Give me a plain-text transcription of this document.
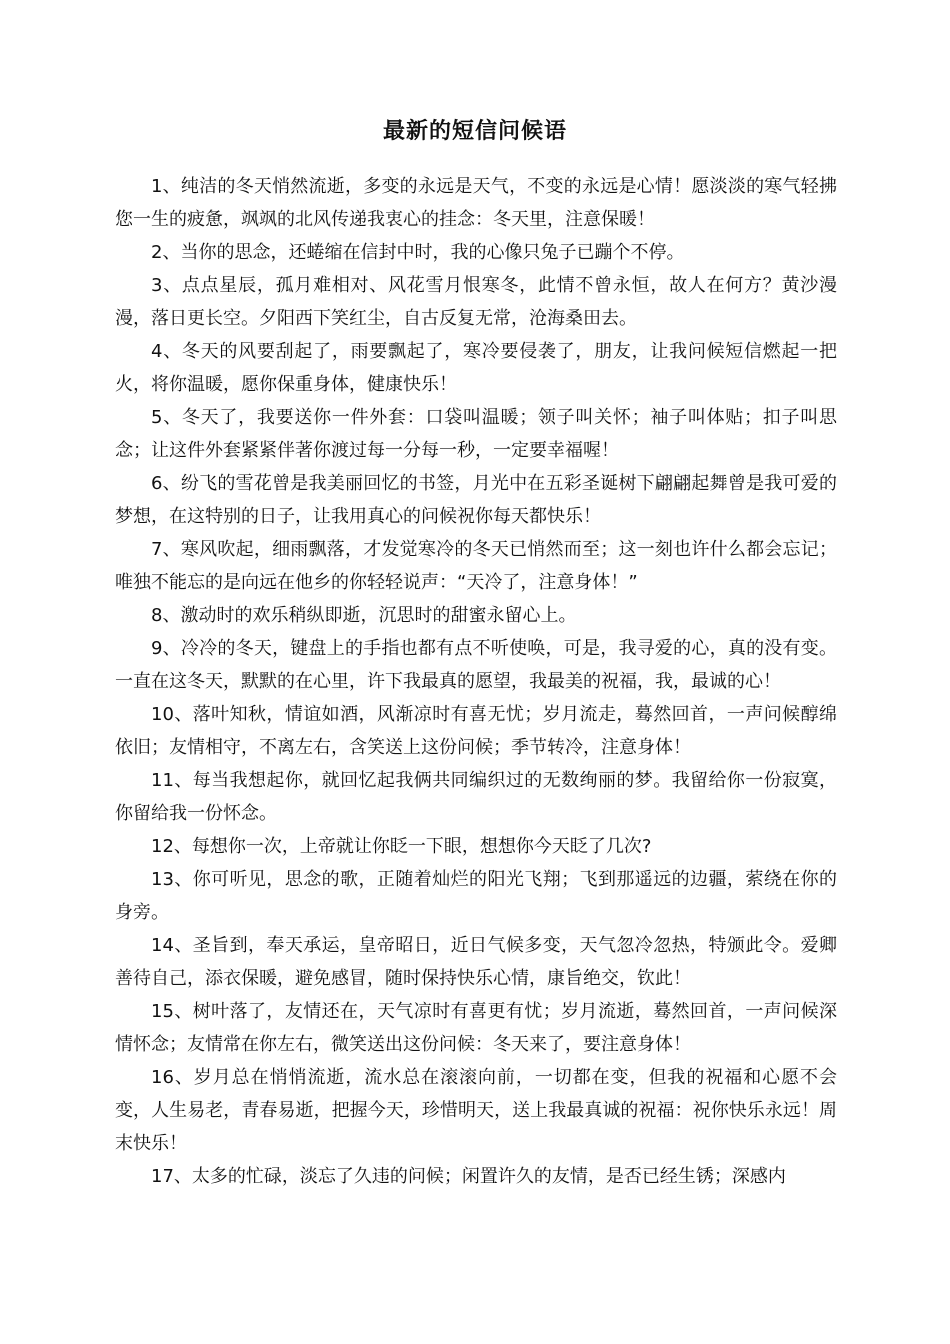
最新的短信问候语

1、纯洁的冬天悄然流逝，多变的永远是天气，不变的永远是心情！愿淡淡的寒气轻拂您一生的疲惫，飒飒的北风传递我衷心的挂念：冬天里，注意保暖！

2、当你的思念，还蜷缩在信封中时，我的心像只兔子已蹦个不停。

3、点点星辰，孤月难相对、风花雪月恨寒冬，此情不曾永恒，故人在何方？黄沙漫漫，落日更长空。夕阳西下笑红尘，自古反复无常，沧海桑田去。

4、冬天的风要刮起了，雨要飘起了，寒冷要侵袭了，朋友，让我问候短信燃起一把火，将你温暖，愿你保重身体，健康快乐！

5、冬天了，我要送你一件外套：口袋叫温暖；领子叫关怀；袖子叫体贴；扣子叫思念；让这件外套紧紧伴著你渡过每一分每一秒，一定要幸福喔！

6、纷飞的雪花曾是我美丽回忆的书签，月光中在五彩圣诞树下翩翩起舞曾是我可爱的梦想，在这特别的日子，让我用真心的问候祝你每天都快乐！

7、寒风吹起，细雨飘落，才发觉寒冷的冬天已悄然而至；这一刻也许什么都会忘记；唯独不能忘的是向远在他乡的你轻轻说声：“天冷了，注意身体！”

8、激动时的欢乐稍纵即逝，沉思时的甜蜜永留心上。

9、冷冷的冬天，键盘上的手指也都有点不听使唤，可是，我寻爱的心，真的没有变。一直在这冬天，默默的在心里，许下我最真的愿望，我最美的祝福，我，最诚的心！

10、落叶知秋，情谊如酒，风渐凉时有喜无忧；岁月流走，蓦然回首，一声问候醇绵依旧；友情相守，不离左右，含笑送上这份问候；季节转冷，注意身体！

11、每当我想起你，就回忆起我俩共同编织过的无数绚丽的梦。我留给你一份寂寞，你留给我一份怀念。

12、每想你一次，上帝就让你眨一下眼，想想你今天眨了几次?

13、你可听见，思念的歌，正随着灿烂的阳光飞翔；飞到那遥远的边疆，萦绕在你的身旁。

14、圣旨到，奉天承运，皇帝昭日，近日气候多变，天气忽冷忽热，特颁此令。爱卿善待自己，添衣保暖，避免感冒，随时保持快乐心情，康旨绝交，钦此！

15、树叶落了，友情还在，天气凉时有喜更有忧；岁月流逝，蓦然回首，一声问候深情怀念；友情常在你左右，微笑送出这份问候：冬天来了，要注意身体！

16、岁月总在悄悄流逝，流水总在滚滚向前，一切都在变，但我的祝福和心愿不会变，人生易老，青春易逝，把握今天，珍惜明天，送上我最真诚的祝福：祝你快乐永远！周末快乐！

17、太多的忙碌，淡忘了久违的问候；闲置许久的友情，是否已经生锈；深感内
